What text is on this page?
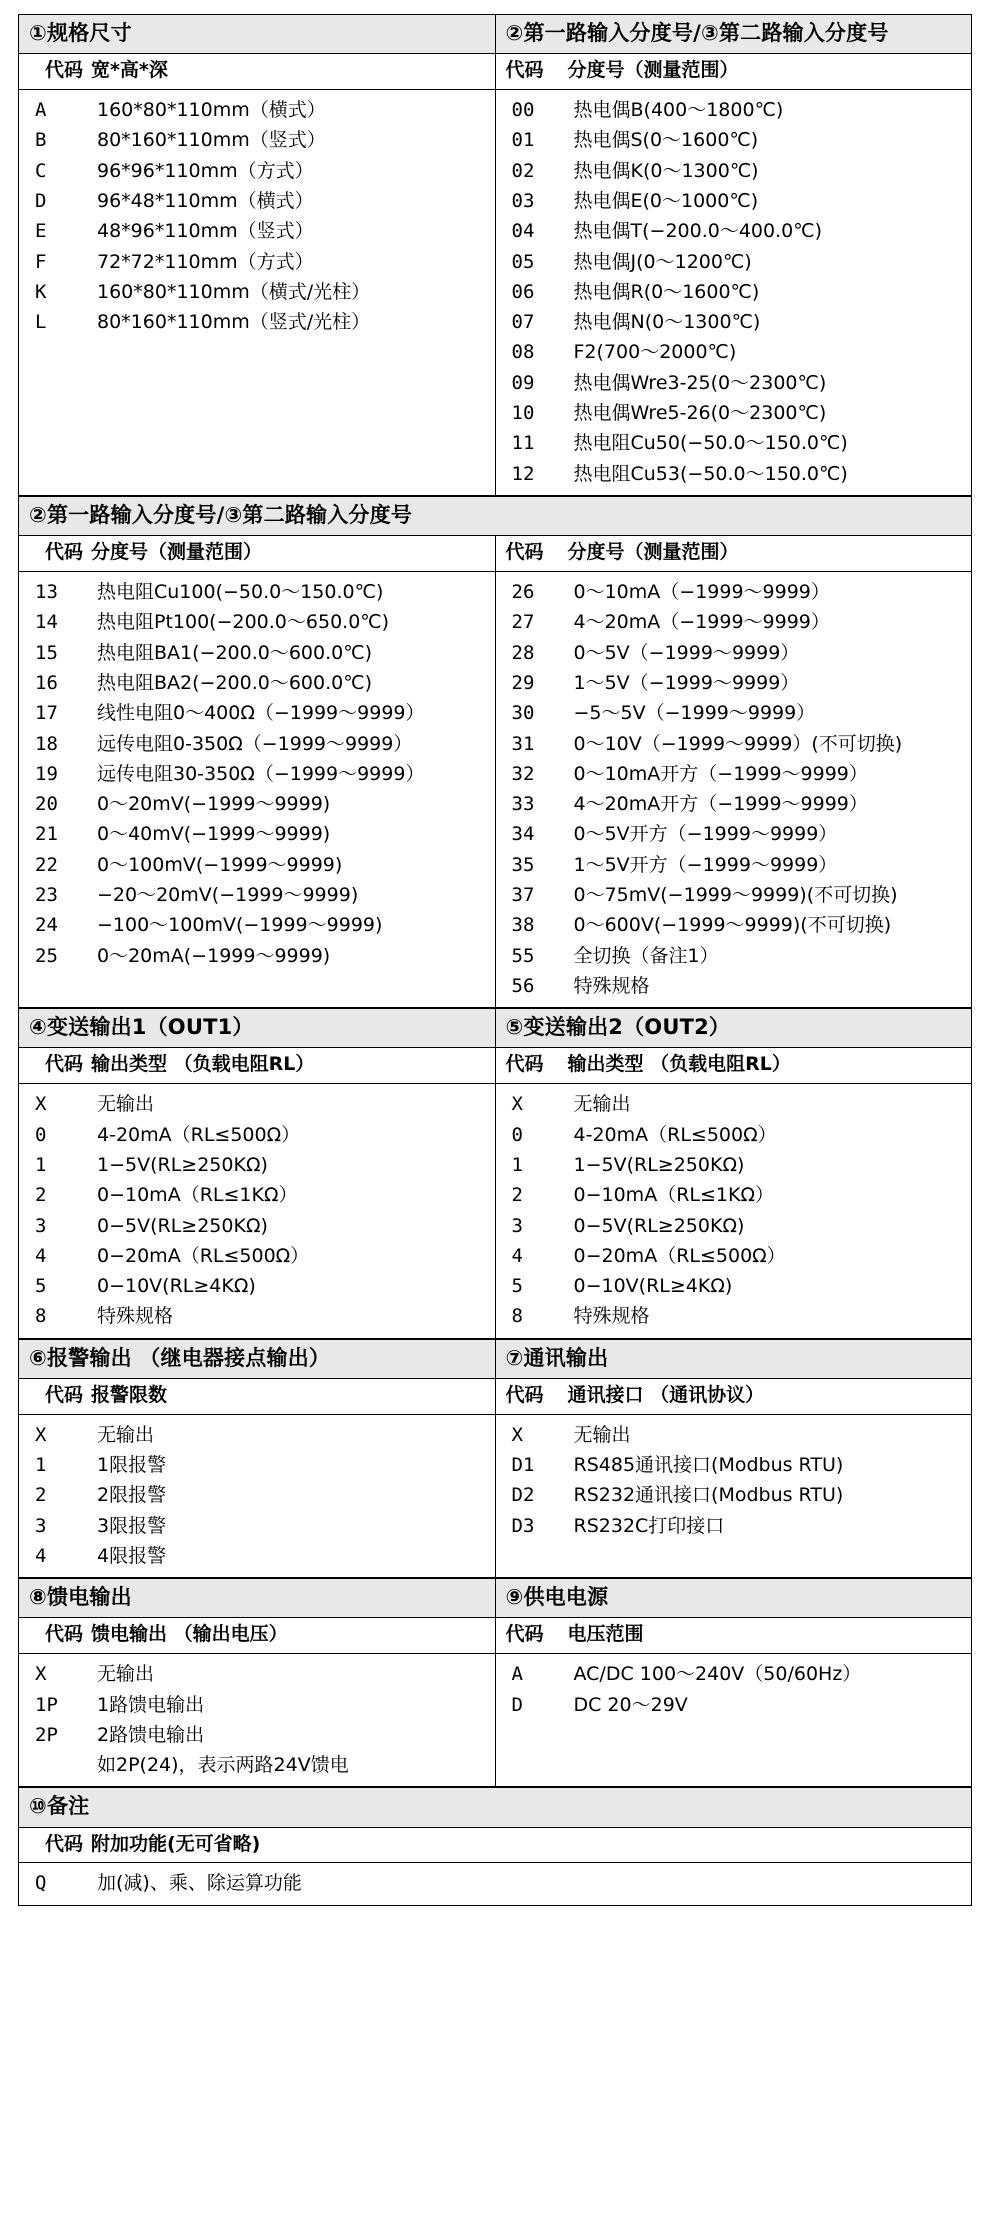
①规格尺寸	②第一路输入分度号/③第二路输入分度号
代码 宽*高*深	代码 分度号（测量范围）

A	160*80*110mm（横式）
B	80*160*110mm（竖式）
C	96*96*110mm（方式）
D	96*48*110mm（横式）
E	48*96*110mm（竖式）
F	72*72*110mm（方式）
K	160*80*110mm（横式/光柱）
L	80*160*110mm（竖式/光柱）

00	热电偶B(400～1800℃)
01	热电偶S(0～1600℃)
02	热电偶K(0～1300℃)
03	热电偶E(0～1000℃)
04	热电偶T(−200.0～400.0℃)
05	热电偶J(0～1200℃)
06	热电偶R(0～1600℃)
07	热电偶N(0～1300℃)
08	F2(700～2000℃)
09	热电偶Wre3-25(0～2300℃)
10	热电偶Wre5-26(0～2300℃)
11	热电阻Cu50(−50.0～150.0℃)
12	热电阻Cu53(−50.0～150.0℃)
②第一路输入分度号/③第二路输入分度号
代码 分度号（测量范围）	代码 分度号（测量范围）

13	热电阻Cu100(−50.0～150.0℃)
14	热电阻Pt100(−200.0～650.0℃)
15	热电阻BA1(−200.0～600.0℃)
16	热电阻BA2(−200.0～600.0℃)
17	线性电阻0～400Ω（−1999～9999）
18	远传电阻0-350Ω（−1999～9999）
19	远传电阻30-350Ω（−1999～9999）
20	0～20mV(−1999～9999)
21	0～40mV(−1999～9999)
22	0～100mV(−1999～9999)
23	−20～20mV(−1999～9999)
24	−100～100mV(−1999～9999)
25	0～20mA(−1999～9999)

26	0～10mA（−1999～9999）
27	4～20mA（−1999～9999）
28	0～5V（−1999～9999）
29	1～5V（−1999～9999）
30	−5～5V（−1999～9999）
31	0～10V（−1999～9999）(不可切换)
32	0～10mA开方（−1999～9999）
33	4～20mA开方（−1999～9999）
34	0～5V开方（−1999～9999）
35	1～5V开方（−1999～9999）
37	0～75mV(−1999～9999)(不可切换)
38	0～600V(−1999～9999)(不可切换)
55	全切换（备注1）
56	特殊规格
④变送输出1（OUT1）	⑤变送输出2（OUT2）
代码 输出类型 （负载电阻RL）	代码 输出类型 （负载电阻RL）

X	无输出
0	4-20mA（RL≤500Ω）
1	1−5V(RL≥250KΩ)
2	0−10mA（RL≤1KΩ）
3	0−5V(RL≥250KΩ)
4	0−20mA（RL≤500Ω）
5	0−10V(RL≥4KΩ)
8	特殊规格

X	无输出
0	4-20mA（RL≤500Ω）
1	1−5V(RL≥250KΩ)
2	0−10mA（RL≤1KΩ）
3	0−5V(RL≥250KΩ)
4	0−20mA（RL≤500Ω）
5	0−10V(RL≥4KΩ)
8	特殊规格
⑥报警输出 （继电器接点输出）	⑦通讯输出
代码 报警限数	代码 通讯接口 （通讯协议）

X	无输出
1	1限报警
2	2限报警
3	3限报警
4	4限报警

X	无输出
D1	RS485通讯接口(Modbus RTU)
D2	RS232通讯接口(Modbus RTU)
D3	RS232C打印接口

⑧馈电输出	⑨供电电源
代码 馈电输出 （输出电压）	代码 电压范围

X	无输出
1P	1路馈电输出
2P	2路馈电输出
如2P(24)，表示两路24V馈电

A	AC/DC 100～240V（50/60Hz）
D	DC 20～29V
⑩备注
代码 附加功能(无可省略)

Q	加(减)、乘、除运算功能
